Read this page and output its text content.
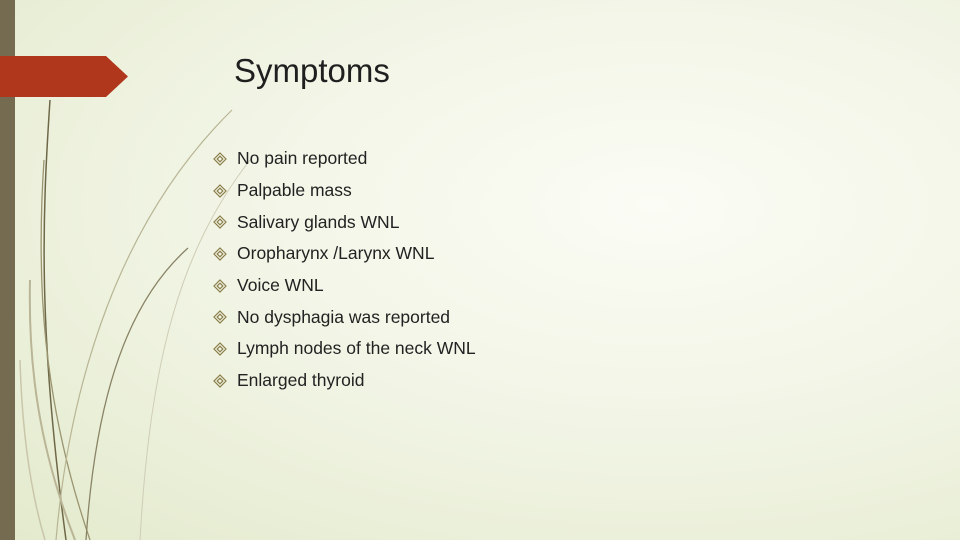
Symptoms
No pain reported
Palpable mass
Salivary glands WNL
Oropharynx /Larynx WNL
Voice WNL
No dysphagia was reported
Lymph nodes of the neck WNL
Enlarged thyroid
